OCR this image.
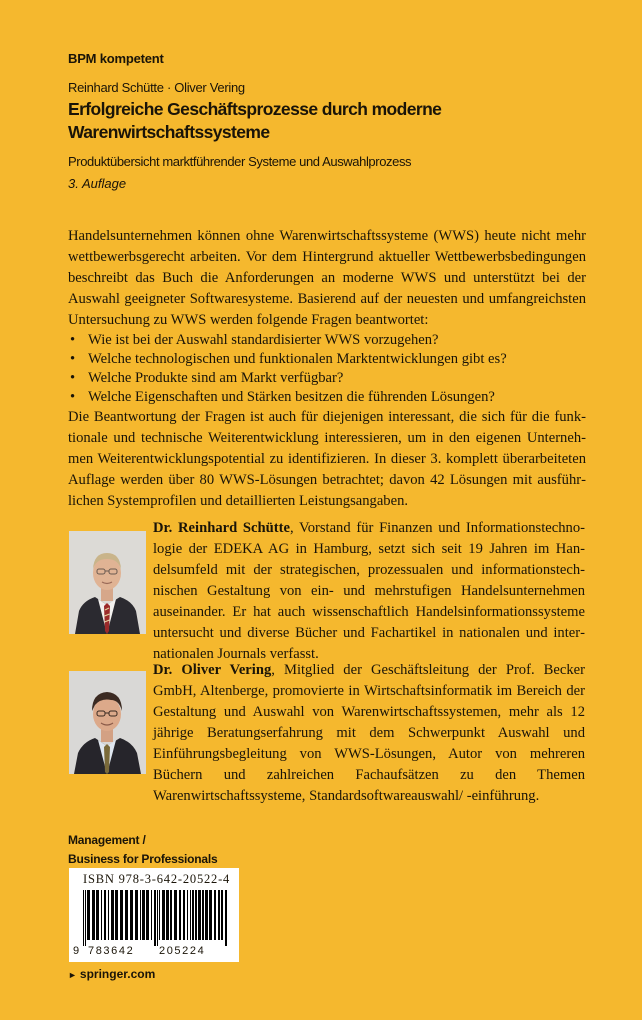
BPM kompetent
Reinhard Schütte · Oliver Vering
Erfolgreiche Geschäftsprozesse durch moderne
Warenwirtschaftssysteme
Produktübersicht marktführender Systeme und Auswahlprozess
3. Auflage

Handelsunternehmen können ohne Warenwirtschaftssysteme (WWS) heute nicht mehr wettbewerbsgerecht arbeiten. Vor dem Hintergrund aktueller Wettbewerbsbedingungen beschreibt das Buch die Anforderungen an moderne WWS und unterstützt bei der Auswahl geeigneter Softwaresysteme. Basierend auf der neuesten und umfangreichsten Untersuchung zu WWS werden folgende Fragen beantwortet:

• Wie ist bei der Auswahl standardisierter WWS vorzugehen?
• Welche technologischen und funktionalen Marktentwicklungen gibt es?
• Welche Produkte sind am Markt verfügbar?
• Welche Eigenschaften und Stärken besitzen die führenden Lösungen?

Die Beantwortung der Fragen ist auch für diejenigen interessant, die sich für die funktionale und technische Weiterentwicklung interessieren, um in den eigenen Unternehmen Weiterentwicklungspotential zu identifizieren. In dieser 3. komplett überarbeiteten Auflage werden über 80 WWS-Lösungen betrachtet; davon 42 Lösungen mit ausführlichen Systemprofilen und detaillierten Leistungsangaben.

Dr. Reinhard Schütte, Vorstand für Finanzen und Informationstechnologie der EDEKA AG in Hamburg, setzt sich seit 19 Jahren im Handelsumfeld mit der strategischen, prozessualen und informationstechnischen Gestaltung von ein- und mehrstufigen Handelsunternehmen auseinander. Er hat auch wissenschaftlich Handelsinformationssysteme untersucht und diverse Bücher und Fachartikel in nationalen und internationalen Journals verfasst.

Dr. Oliver Vering, Mitglied der Geschäftsleitung der Prof. Becker GmbH, Altenberge, promovierte in Wirtschaftsinformatik im Bereich der Gestaltung und Auswahl von Warenwirtschaftssystemen, mehr als 12 jährige Beratungserfahrung mit dem Schwerpunkt Auswahl und Einführungsbegleitung von WWS-Lösungen, Autor von mehreren Büchern und zahlreichen Fachaufsätzen zu den Themen Warenwirtschaftssysteme, Standardsoftwareauswahl/ -einführung.

Management /
Business for Professionals
ISBN 978-3-642-20522-4
9 783642 205224
► springer.com
